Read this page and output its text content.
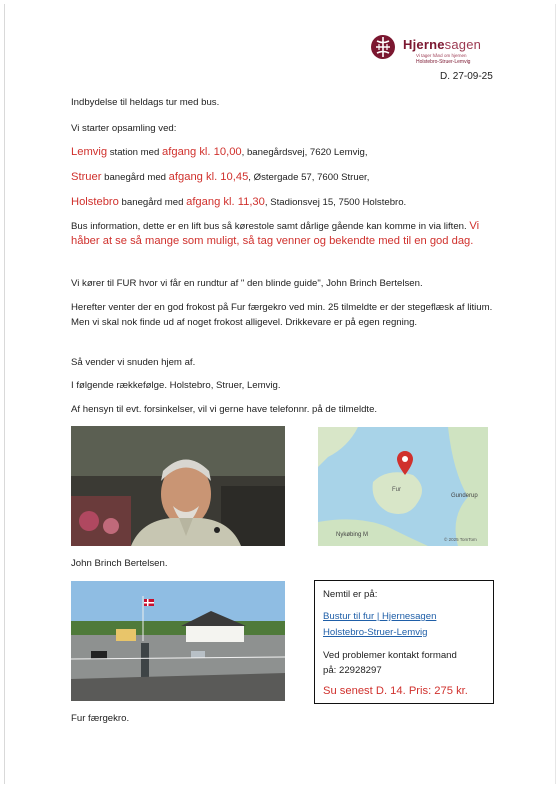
Hjernesagen
Vi tager hånd om hjernen
Holstebro-Struer-Lemvig
D. 27-09-25
Indbydelse til heldags tur med bus.
Vi starter opsamling ved:
Lemvig station med afgang kl. 10,00, banegårdsvej, 7620 Lemvig,
Struer banegård med afgang kl. 10,45, Østergade 57, 7600 Struer,
Holstebro banegård med afgang kl. 11,30, Stadionsvej 15, 7500 Holstebro.
Bus information, dette er en lift bus så kørestole samt dårlige gående kan komme in via liften. Vi håber at se så mange som muligt, så tag venner og bekendte med til en god dag.
Vi kører til FUR hvor vi får en rundtur af " den blinde guide", John Brinch Bertelsen.
Herefter venter der en god frokost på Fur færgekro ved min. 25 tilmeldte er der stegeflæsk af litium. Men vi skal nok finde ud af noget frokost alligevel. Drikkevare er på egen regning.
Så vender vi snuden hjem af.
I følgende rækkefølge. Holstebro, Struer, Lemvig.
Af hensyn til evt. forsinkelser, vil vi gerne have telefonnr. på de tilmeldte.
Fur
Gunderup
Nykøbing M
© 2025 TomTom
John Brinch Bertelsen.
Nemtil er på:
Bustur til fur | Hjernesagen
Holstebro-Struer-Lemvig
Ved problemer kontakt formand
på: 22928297
Su senest D. 14. Pris: 275 kr.
Fur færgekro.
